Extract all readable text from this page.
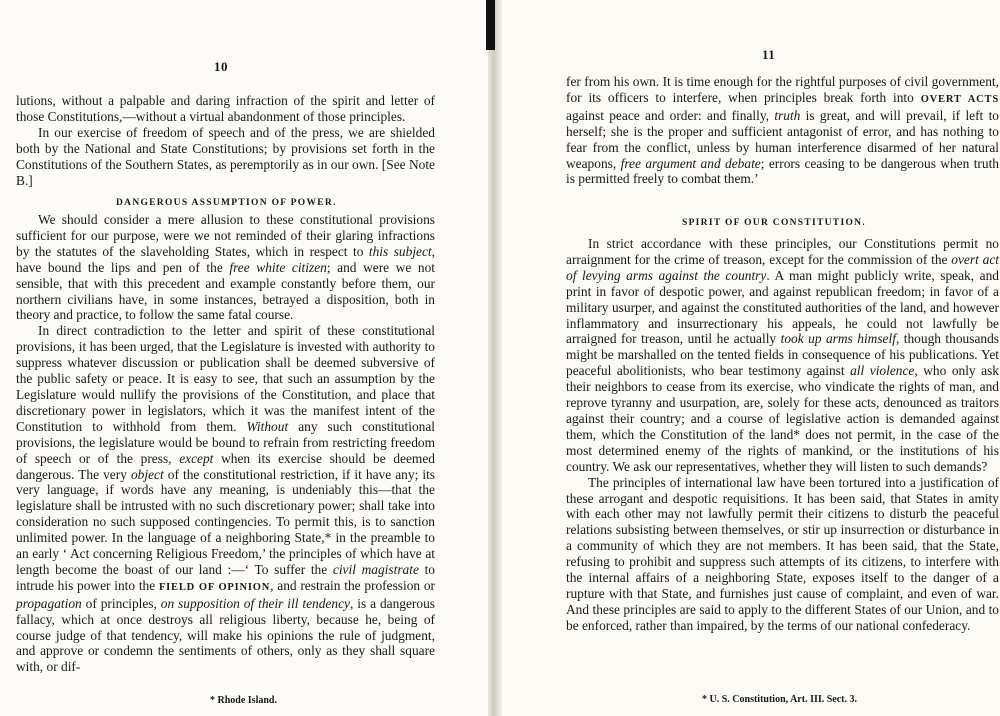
10

lutions, without a palpable and daring infraction of the spirit and letter of those Constitutions,—without a virtual abandonment of those principles.

In our exercise of freedom of speech and of the press, we are shielded both by the National and State Constitutions; by provisions set forth in the Constitutions of the Southern States, as peremptorily as in our own. [See Note B.]

DANGEROUS ASSUMPTION OF POWER.

We should consider a mere allusion to these constitutional provisions sufficient for our purpose, were we not reminded of their glaring infractions by the statutes of the slaveholding States, which in respect to this subject, have bound the lips and pen of the free white citizen; and were we not sensible, that with this precedent and example constantly before them, our northern civilians have, in some instances, betrayed a disposition, both in theory and practice, to follow the same fatal course.

In direct contradiction to the letter and spirit of these constitutional provisions, it has been urged, that the Legislature is invested with authority to suppress whatever discussion or publication shall be deemed subversive of the public safety or peace. It is easy to see, that such an assumption by the Legislature would nullify the provisions of the Constitution, and place that discretionary power in legislators, which it was the manifest intent of the Constitution to withhold from them. Without any such constitutional provisions, the legislature would be bound to refrain from restricting freedom of speech or of the press, except when its exercise should be deemed dangerous. The very object of the constitutional restriction, if it have any; its very language, if words have any meaning, is undeniably this—that the legislature shall be intrusted with no such discretionary power; shall take into consideration no such supposed contingencies. To permit this, is to sanction unlimited power. In the language of a neighboring State,* in the preamble to an early ‘ Act concerning Religious Freedom,’ the principles of which have at length become the boast of our land :—‘ To suffer the civil magistrate to intrude his power into the FIELD OF OPINION, and restrain the profession or propagation of principles, on supposition of their ill tendency, is a dangerous fallacy, which at once destroys all religious liberty, because he, being of course judge of that tendency, will make his opinions the rule of judgment, and approve or condemn the sentiments of others, only as they shall square with, or dif-

* Rhode Island.
11

fer from his own. It is time enough for the rightful purposes of civil government, for its officers to interfere, when principles break forth into OVERT ACTS against peace and order: and finally, truth is great, and will prevail, if left to herself; she is the proper and sufficient antagonist of error, and has nothing to fear from the conflict, unless by human interference disarmed of her natural weapons, free argument and debate; errors ceasing to be dangerous when truth is permitted freely to combat them.’

SPIRIT OF OUR CONSTITUTION.

In strict accordance with these principles, our Constitutions permit no arraignment for the crime of treason, except for the commission of the overt act of levying arms against the country. A man might publicly write, speak, and print in favor of despotic power, and against republican freedom; in favor of a military usurper, and against the constituted authorities of the land, and however inflammatory and insurrectionary his appeals, he could not lawfully be arraigned for treason, until he actually took up arms himself, though thousands might be marshalled on the tented fields in consequence of his publications. Yet peaceful abolitionists, who bear testimony against all violence, who only ask their neighbors to cease from its exercise, who vindicate the rights of man, and reprove tyranny and usurpation, are, solely for these acts, denounced as traitors against their country; and a course of legislative action is demanded against them, which the Constitution of the land* does not permit, in the case of the most determined enemy of the rights of mankind, or the institutions of his country. We ask our representatives, whether they will listen to such demands?

The principles of international law have been tortured into a justification of these arrogant and despotic requisitions. It has been said, that States in amity with each other may not lawfully permit their citizens to disturb the peaceful relations subsisting between themselves, or stir up insurrection or disturbance in a community of which they are not members. It has been said, that the State, refusing to prohibit and suppress such attempts of its citizens, to interfere with the internal affairs of a neighboring State, exposes itself to the danger of a rupture with that State, and furnishes just cause of complaint, and even of war. And these principles are said to apply to the different States of our Union, and to be enforced, rather than impaired, by the terms of our national confederacy.

* U. S. Constitution, Art. III. Sect. 3.
